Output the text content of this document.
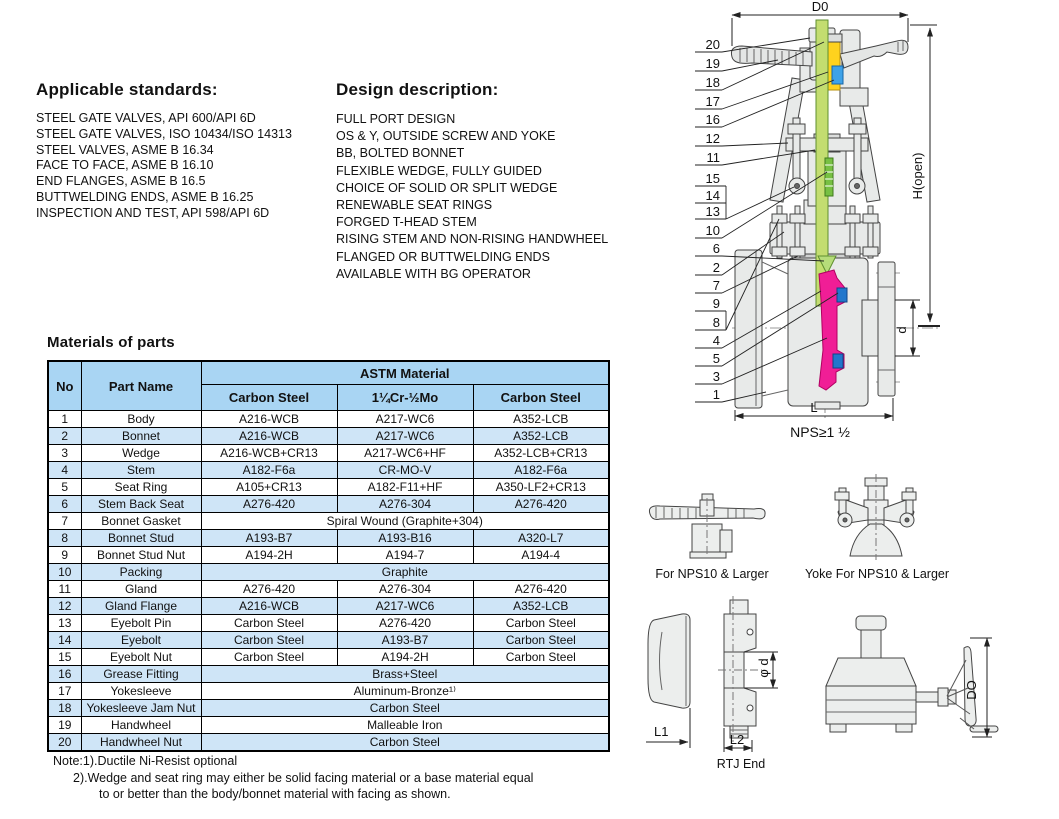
Applicable standards:
STEEL GATE VALVES, API 600/API 6D
STEEL GATE VALVES, ISO 10434/ISO 14313
STEEL VALVES, ASME B 16.34
FACE TO FACE, ASME B 16.10
END FLANGES, ASME B 16.5
BUTTWELDING ENDS, ASME B 16.25
INSPECTION AND TEST, API 598/API 6D
Design description:
FULL PORT DESIGN
OS & Y, OUTSIDE SCREW AND YOKE
BB, BOLTED BONNET
FLEXIBLE WEDGE, FULLY GUIDED
CHOICE OF SOLID OR SPLIT WEDGE
RENEWABLE SEAT RINGS
FORGED T-HEAD STEM
RISING STEM AND NON-RISING HANDWHEEL
FLANGED OR BUTTWELDING ENDS
AVAILABLE WITH BG OPERATOR
Materials of parts
No	Part Name	ASTM Material		
		Carbon Steel	1¼Cr-½Mo	Carbon Steel
1	Body	A216-WCB	A217-WC6	A352-LCB
2	Bonnet	A216-WCB	A217-WC6	A352-LCB
3	Wedge	A216-WCB+CR13	A217-WC6+HF	A352-LCB+CR13
4	Stem	A182-F6a	CR-MO-V	A182-F6a
5	Seat Ring	A105+CR13	A182-F11+HF	A350-LF2+CR13
6	Stem Back Seat	A276-420	A276-304	A276-420
7	Bonnet Gasket	Spiral Wound (Graphite+304)		
8	Bonnet Stud	A193-B7	A193-B16	A320-L7
9	Bonnet Stud Nut	A194-2H	A194-7	A194-4
10	Packing	Graphite		
11	Gland	A276-420	A276-304	A276-420
12	Gland Flange	A216-WCB	A217-WC6	A352-LCB
13	Eyebolt Pin	Carbon Steel	A276-420	Carbon Steel
14	Eyebolt	Carbon Steel	A193-B7	Carbon Steel
15	Eyebolt Nut	Carbon Steel	A194-2H	Carbon Steel
16	Grease Fitting	Brass+Steel		
17	Yokesleeve	Aluminum-Bronze¹⁾		
18	Yokesleeve Jam Nut	Carbon Steel		
19	Handwheel	Malleable Iron		
20	Handwheel Nut	Carbon Steel		
Note:1).Ductile Ni-Resist optional
2).Wedge and seat ring may either be solid facing material or a base material equal
to or better than the body/bonnet material with facing as shown.
D0
H(open)
d
L
NPS≥1 ½
20
19
18
17
16
12
11
15
14
13
10
6
2
7
9
8
4
5
3
1
For NPS10 & Larger	Yoke For NPS10 & Larger
L1
φ d
L2
RTJ End
DO
